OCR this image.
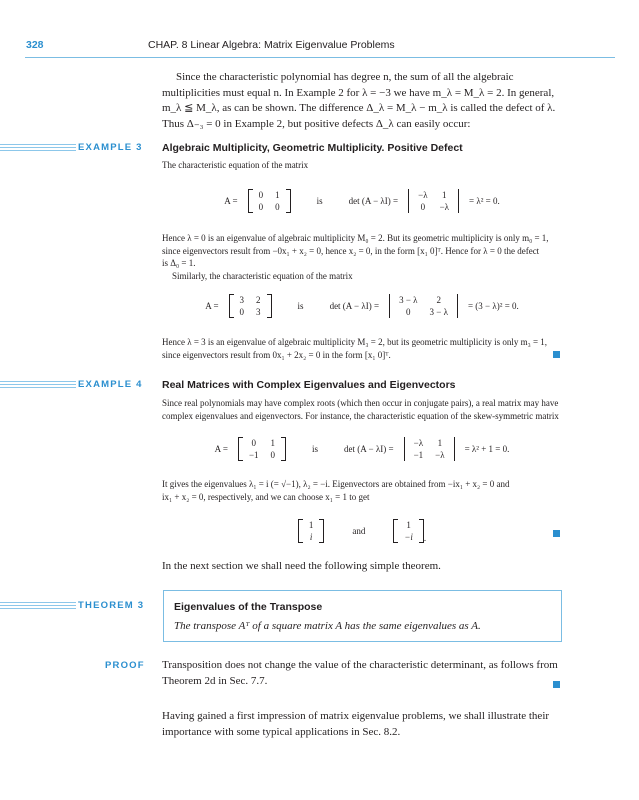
328	CHAP. 8 Linear Algebra: Matrix Eigenvalue Problems
Since the characteristic polynomial has degree n, the sum of all the algebraic
multiplicities must equal n. In Example 2 for λ = −3 we have m_λ = M_λ = 2. In general,
m_λ ≦ M_λ, as can be shown. The difference Δ_λ = M_λ − m_λ is called the defect of λ.
Thus Δ₋₃ = 0 in Example 2, but positive defects Δ_λ can easily occur:
EXAMPLE 3 Algebraic Multiplicity, Geometric Multiplicity. Positive Defect
The characteristic equation of the matrix
A =
0	1
0	0
is	det (A − λI) =
−λ	1
0	−λ
= λ² = 0.
Hence λ = 0 is an eigenvalue of algebraic multiplicity M₀ = 2. But its geometric multiplicity is only m₀ = 1,
since eigenvectors result from −0x₁ + x₂ = 0, hence x₂ = 0, in the form [x₁ 0]ᵀ. Hence for λ = 0 the defect
is Δ₀ = 1.
Similarly, the characteristic equation of the matrix
A =
3	2
0	3
is	det (A − λI) =
3 − λ	2
0	3 − λ
= (3 − λ)² = 0.
Hence λ = 3 is an eigenvalue of algebraic multiplicity M₃ = 2, but its geometric multiplicity is only m₃ = 1,
since eigenvectors result from 0x₁ + 2x₂ = 0 in the form [x₁ 0]ᵀ.
EXAMPLE 4 Real Matrices with Complex Eigenvalues and Eigenvectors
Since real polynomials may have complex roots (which then occur in conjugate pairs), a real matrix may have
complex eigenvalues and eigenvectors. For instance, the characteristic equation of the skew-symmetric matrix
A =
0	1
−1	0
is	det (A − λI) =
−λ	1
−1	−λ
= λ² + 1 = 0.
It gives the eigenvalues λ₁ = i (= √−1), λ₂ = −i. Eigenvectors are obtained from −ix₁ + x₂ = 0 and
ix₁ + x₂ = 0, respectively, and we can choose x₁ = 1 to get
1
i
and
1
−i .
In the next section we shall need the following simple theorem.
THEOREM 3	Eigenvalues of the Transpose
The transpose Aᵀ of a square matrix A has the same eigenvalues as A.
PROOF Transposition does not change the value of the characteristic determinant, as follows from
Theorem 2d in Sec. 7.7.
Having gained a first impression of matrix eigenvalue problems, we shall illustrate their
importance with some typical applications in Sec. 8.2.
